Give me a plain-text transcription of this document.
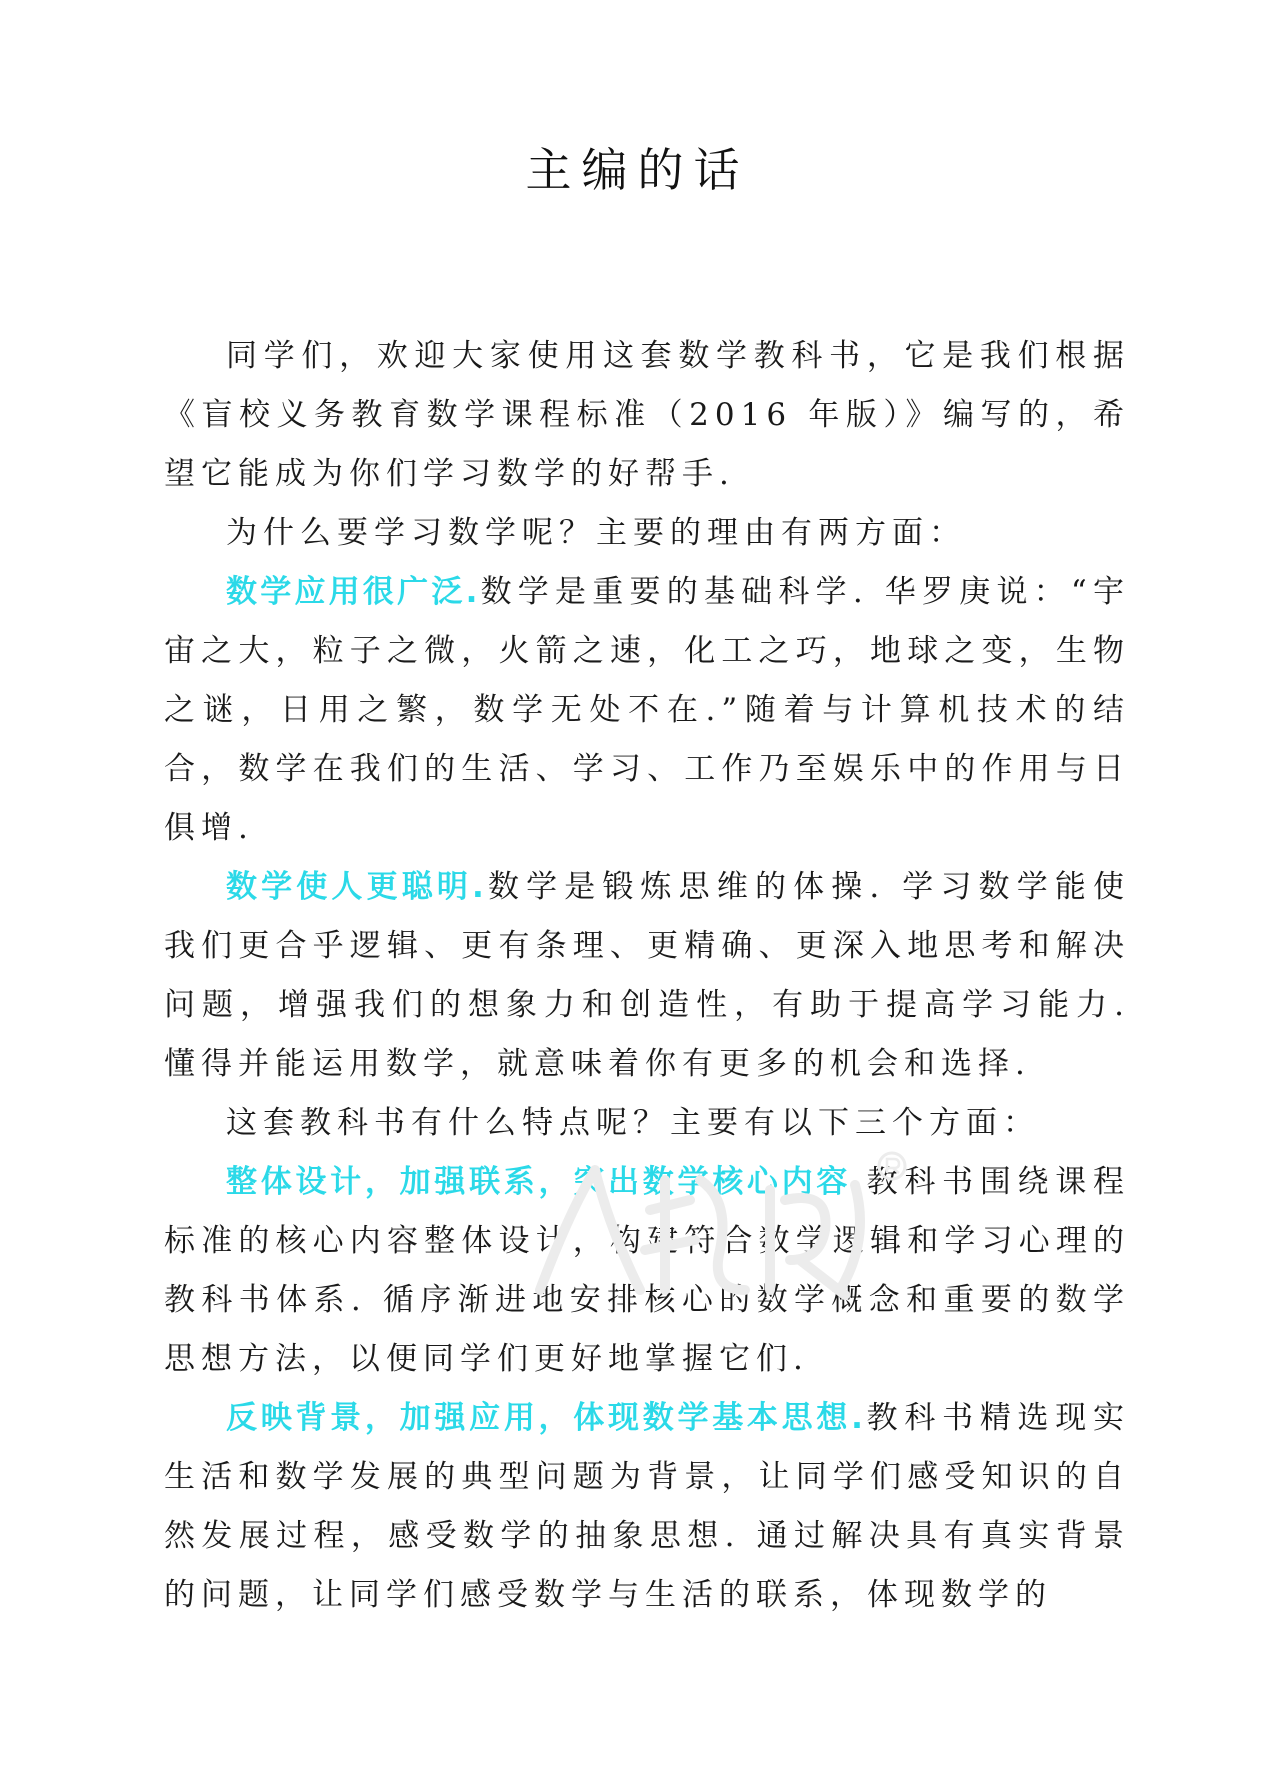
主编的话

同学们，欢迎大家使用这套数学教科书，它是我们根据《盲校义务教育数学课程标准（2016 年版）》编写的，希望它能成为你们学习数学的好帮手.

为什么要学习数学呢？主要的理由有两方面：

数学应用很广泛.数学是重要的基础科学. 华罗庚说：“宇宙之大，粒子之微，火箭之速，化工之巧，地球之变，生物之谜，日用之繁，数学无处不在.”随着与计算机技术的结合，数学在我们的生活、学习、工作乃至娱乐中的作用与日俱增.

数学使人更聪明.数学是锻炼思维的体操. 学习数学能使我们更合乎逻辑、更有条理、更精确、更深入地思考和解决问题，增强我们的想象力和创造性，有助于提高学习能力. 懂得并能运用数学，就意味着你有更多的机会和选择.

这套教科书有什么特点呢？主要有以下三个方面：

整体设计，加强联系，突出数学核心内容.教科书围绕课程标准的核心内容整体设计，构建符合数学逻辑和学习心理的教科书体系. 循序渐进地安排核心的数学概念和重要的数学思想方法，以便同学们更好地掌握它们.

反映背景，加强应用，体现数学基本思想.教科书精选现实生活和数学发展的典型问题为背景，让同学们感受知识的自然发展过程，感受数学的抽象思想. 通过解决具有真实背景的问题，让同学们感受数学与生活的联系，体现数学的
